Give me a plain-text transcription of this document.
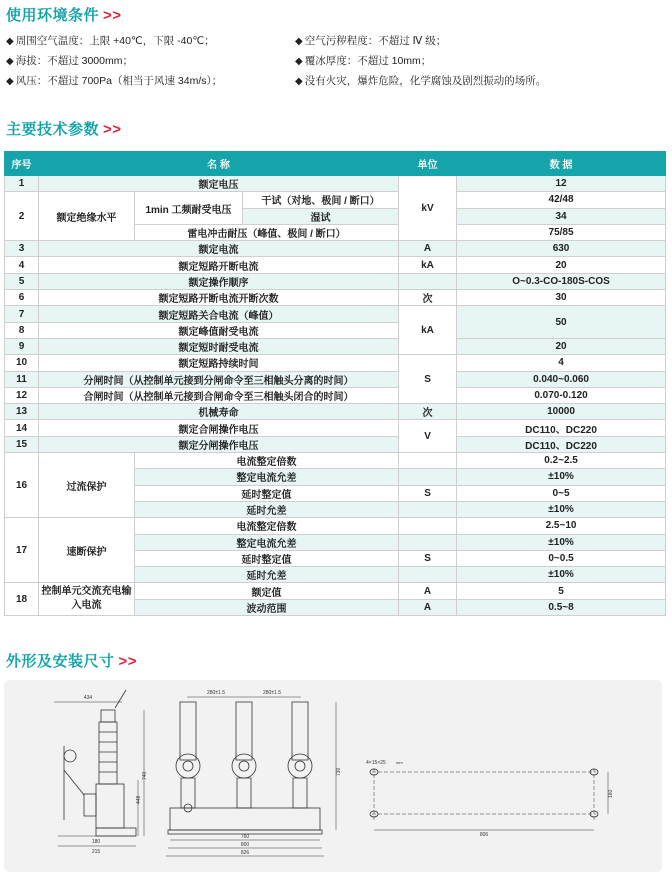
使用环境条件 >>
◆ 周围空气温度：上限 +40℃，下限 -40℃；
◆ 海拔：不超过 3000mm；
◆ 风压：不超过 700Pa（相当于风速 34m/s）；
◆ 空气污秽程度：不超过 Ⅳ 级；
◆ 覆冰厚度：不超过 10mm；
◆ 没有火灾，爆炸危险，化学腐蚀及剧烈振动的场所。
主要技术参数 >>
序号	名 称			单位	数 据
1	额定电压			kV	12
2	额定绝缘水平	1min 工频耐受电压	干试（对地、极间 / 断口）		42/48
			湿试		34
		雷电冲击耐压（峰值、极间 / 断口）			75/85
3	额定电流			A	630
4	额定短路开断电流			kA	20
5	额定操作顺序				O~0.3-CO-180S-COS
6	额定短路开断电流开断次数			次	30
7	额定短路关合电流（峰值）			kA	50
8	额定峰值耐受电流				
9	额定短时耐受电流				20
10	额定短路持续时间			S	4
11	分闸时间（从控制单元接到分闸命令至三相触头分离的时间）				0.040~0.060
12	合闸时间（从控制单元接到合闸命令至三相触头闭合的时间）				0.070-0.120
13	机械寿命			次	10000
14	额定合闸操作电压			V	DC110、DC220
15	额定分闸操作电压				DC110、DC220
16	过流保护	电流整定倍数			0.2~2.5
		整定电流允差			±10%
		延时整定值		S	0~5
		延时允差			±10%
17	速断保护	电流整定倍数			2.5~10
		整定电流允差			±10%
		延时整定值		S	0~0.5
		延时允差			±10%
18	控制单元交流充电输入电流	额定值		A	5
		波动范围		A	0.5~8
外形及安装尺寸 >>
434
180
215
740
448
280±1.5	280±1.5
760
800
826
730
4×15×25	mm
160
806
